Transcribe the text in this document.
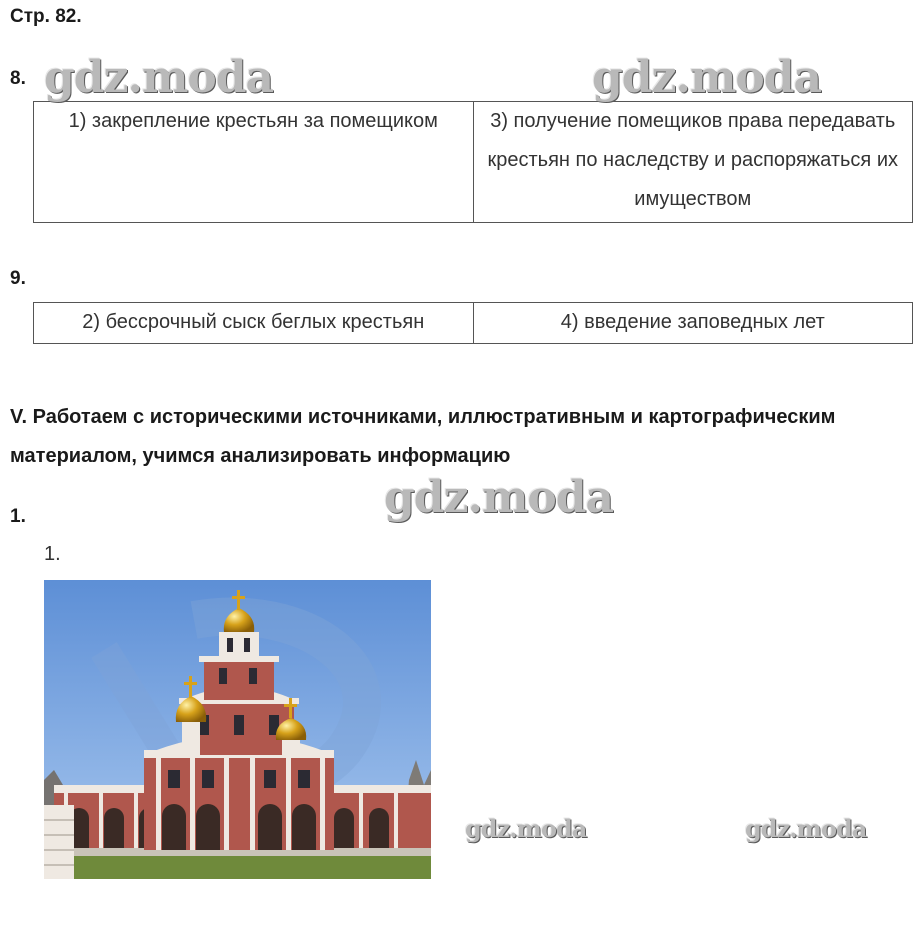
Стр. 82.
8.
1) закрепление крестьян за помещиком	3) получение помещиков права передавать крестьян по наследству и распоряжаться их имуществом
9.
2) бессрочный сыск беглых крестьян	4) введение заповедных лет
V. Работаем с историческими источниками, иллюстративным и картографическим материалом, учимся анализировать информацию
1.
1.
gdz.moda	gdz.moda
gdz.moda
gdz.moda	gdz.moda
